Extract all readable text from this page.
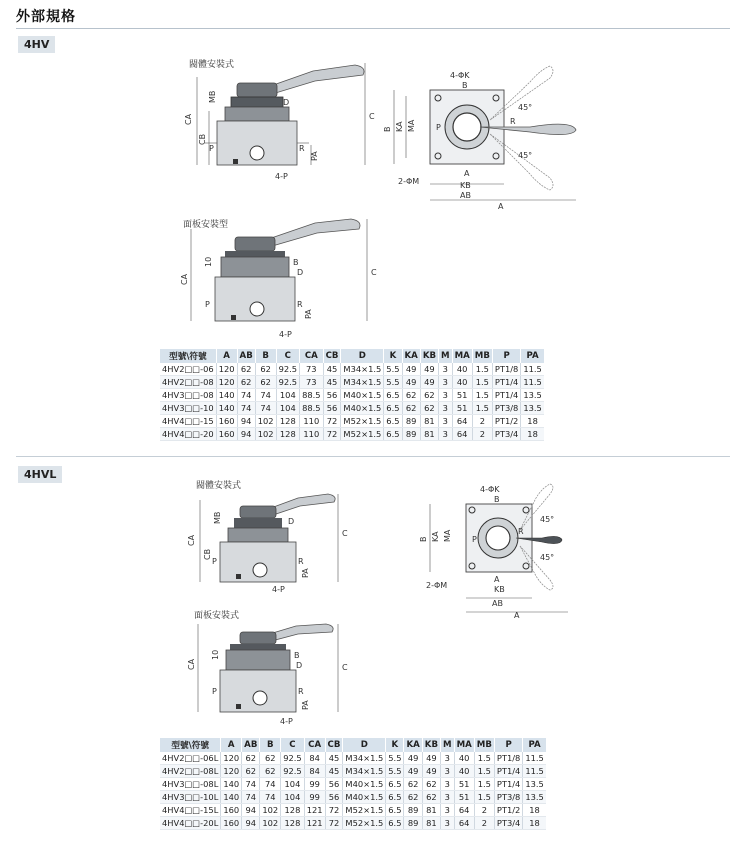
外部規格
4HV
閥體安裝式
MB
CA
CB
D
P	R
C
PA
4-P
4-ΦK
B
45°
45°
R
P
B KA MA
2-ΦM
A
KB
AB
A
面板安裝型
CA
10	B
D
P	R
C
PA
4-P
型號\符號	A	AB	B	C	CA	CB	D	K	KA	KB	M	MA	MB	P	PA
4HV2□□-06	120	62	62	92.5	73	45	M34×1.5	5.5	49	49	3	40	1.5	PT1/8	11.5
4HV2□□-08	120	62	62	92.5	73	45	M34×1.5	5.5	49	49	3	40	1.5	PT1/4	11.5
4HV3□□-08	140	74	74	104	88.5	56	M40×1.5	6.5	62	62	3	51	1.5	PT1/4	13.5
4HV3□□-10	140	74	74	104	88.5	56	M40×1.5	6.5	62	62	3	51	1.5	PT3/8	13.5
4HV4□□-15	160	94	102	128	110	72	M52×1.5	6.5	89	81	3	64	2	PT1/2	18
4HV4□□-20	160	94	102	128	110	72	M52×1.5	6.5	89	81	3	64	2	PT3/4	18
4HVL
閥體安裝式
MB
CA
CB
D
P	R
C
PA
4-P
4-ΦK
B
45°
45°
R
P
B KA MA
2-ΦM
A
KB
AB
A
面板安裝式
CA
10	B
D
P	R
C
PA
4-P
型號\符號	A	AB	B	C	CA	CB	D	K	KA	KB	M	MA	MB	P	PA
4HV2□□-06L	120	62	62	92.5	84	45	M34×1.5	5.5	49	49	3	40	1.5	PT1/8	11.5
4HV2□□-08L	120	62	62	92.5	84	45	M34×1.5	5.5	49	49	3	40	1.5	PT1/4	11.5
4HV3□□-08L	140	74	74	104	99	56	M40×1.5	6.5	62	62	3	51	1.5	PT1/4	13.5
4HV3□□-10L	140	74	74	104	99	56	M40×1.5	6.5	62	62	3	51	1.5	PT3/8	13.5
4HV4□□-15L	160	94	102	128	121	72	M52×1.5	6.5	89	81	3	64	2	PT1/2	18
4HV4□□-20L	160	94	102	128	121	72	M52×1.5	6.5	89	81	3	64	2	PT3/4	18
